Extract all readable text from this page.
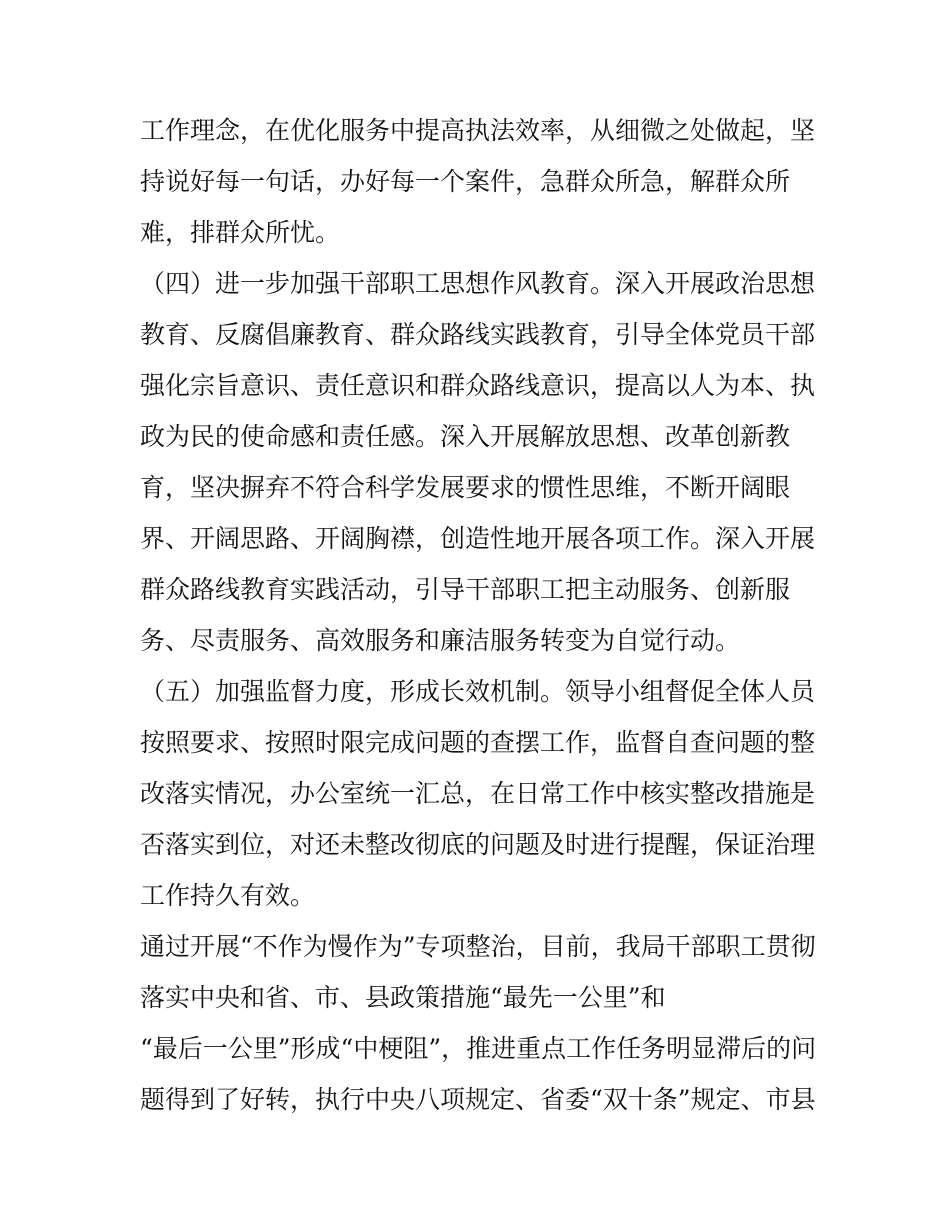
工作理念，在优化服务中提高执法效率，从细微之处做起，坚
持说好每一句话，办好每一个案件，急群众所急，解群众所
难，排群众所忧。
（四）进一步加强干部职工思想作风教育。深入开展政治思想
教育、反腐倡廉教育、群众路线实践教育，引导全体党员干部
强化宗旨意识、责任意识和群众路线意识，提高以人为本、执
政为民的使命感和责任感。深入开展解放思想、改革创新教
育，坚决摒弃不符合科学发展要求的惯性思维，不断开阔眼
界、开阔思路、开阔胸襟，创造性地开展各项工作。深入开展
群众路线教育实践活动，引导干部职工把主动服务、创新服
务、尽责服务、高效服务和廉洁服务转变为自觉行动。
（五）加强监督力度，形成长效机制。领导小组督促全体人员
按照要求、按照时限完成问题的查摆工作，监督自查问题的整
改落实情况，办公室统一汇总，在日常工作中核实整改措施是
否落实到位，对还未整改彻底的问题及时进行提醒，保证治理
工作持久有效。
通过开展“不作为慢作为”专项整治，目前，我局干部职工贯彻
落实中央和省、市、县政策措施“最先一公里”和
“最后一公里”形成“中梗阻”，推进重点工作任务明显滞后的问
题得到了好转，执行中央八项规定、省委“双十条”规定、市县
